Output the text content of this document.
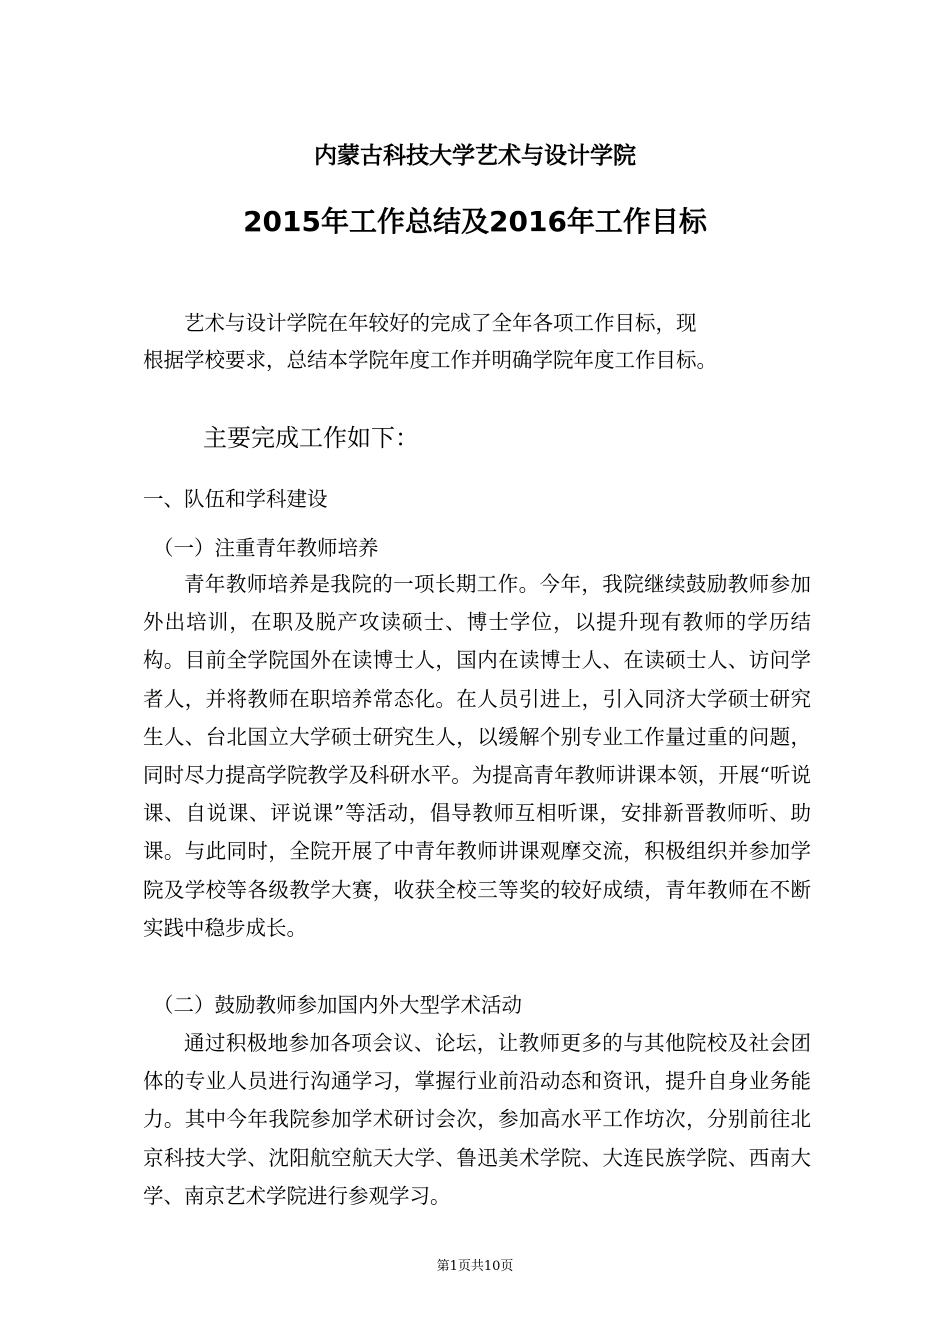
内蒙古科技大学艺术与设计学院
2015年工作总结及2016年工作目标
艺术与设计学院在年较好的完成了全年各项工作目标，现
根据学校要求，总结本学院年度工作并明确学院年度工作目标。
主要完成工作如下：
一、队伍和学科建设
（一）注重青年教师培养
青年教师培养是我院的一项长期工作。今年，我院继续鼓励教师参加外出培训，在职及脱产攻读硕士、博士学位，以提升现有教师的学历结构。目前全学院国外在读博士人，国内在读博士人、在读硕士人、访问学者人，并将教师在职培养常态化。在人员引进上，引入同济大学硕士研究生人、台北国立大学硕士研究生人，以缓解个别专业工作量过重的问题，同时尽力提高学院教学及科研水平。为提高青年教师讲课本领，开展“听说课、自说课、评说课”等活动，倡导教师互相听课，安排新晋教师听、助课。与此同时，全院开展了中青年教师讲课观摩交流，积极组织并参加学院及学校等各级教学大赛，收获全校三等奖的较好成绩，青年教师在不断实践中稳步成长。
（二）鼓励教师参加国内外大型学术活动
通过积极地参加各项会议、论坛，让教师更多的与其他院校及社会团体的专业人员进行沟通学习，掌握行业前沿动态和资讯，提升自身业务能力。其中今年我院参加学术研讨会次，参加高水平工作坊次，分别前往北京科技大学、沈阳航空航天大学、鲁迅美术学院、大连民族学院、西南大学、南京艺术学院进行参观学习。
第1页共10页
